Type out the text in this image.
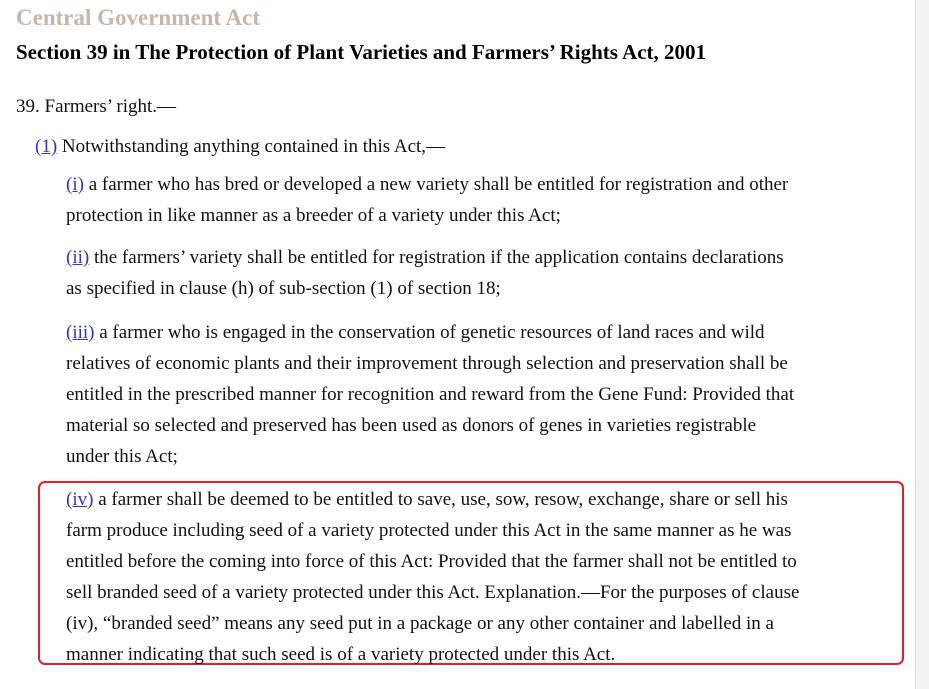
Central Government Act
Section 39 in The Protection of Plant Varieties and Farmers’ Rights Act, 2001
39. Farmers’ right.—
(1) Notwithstanding anything contained in this Act,—
(i) a farmer who has bred or developed a new variety shall be entitled for registration and other
protection in like manner as a breeder of a variety under this Act;
(ii) the farmers’ variety shall be entitled for registration if the application contains declarations
as specified in clause (h) of sub-section (1) of section 18;
(iii) a farmer who is engaged in the conservation of genetic resources of land races and wild
relatives of economic plants and their improvement through selection and preservation shall be
entitled in the prescribed manner for recognition and reward from the Gene Fund: Provided that
material so selected and preserved has been used as donors of genes in varieties registrable
under this Act;
(iv) a farmer shall be deemed to be entitled to save, use, sow, resow, exchange, share or sell his
farm produce including seed of a variety protected under this Act in the same manner as he was
entitled before the coming into force of this Act: Provided that the farmer shall not be entitled to
sell branded seed of a variety protected under this Act. Explanation.—For the purposes of clause
(iv), “branded seed” means any seed put in a package or any other container and labelled in a
manner indicating that such seed is of a variety protected under this Act.
